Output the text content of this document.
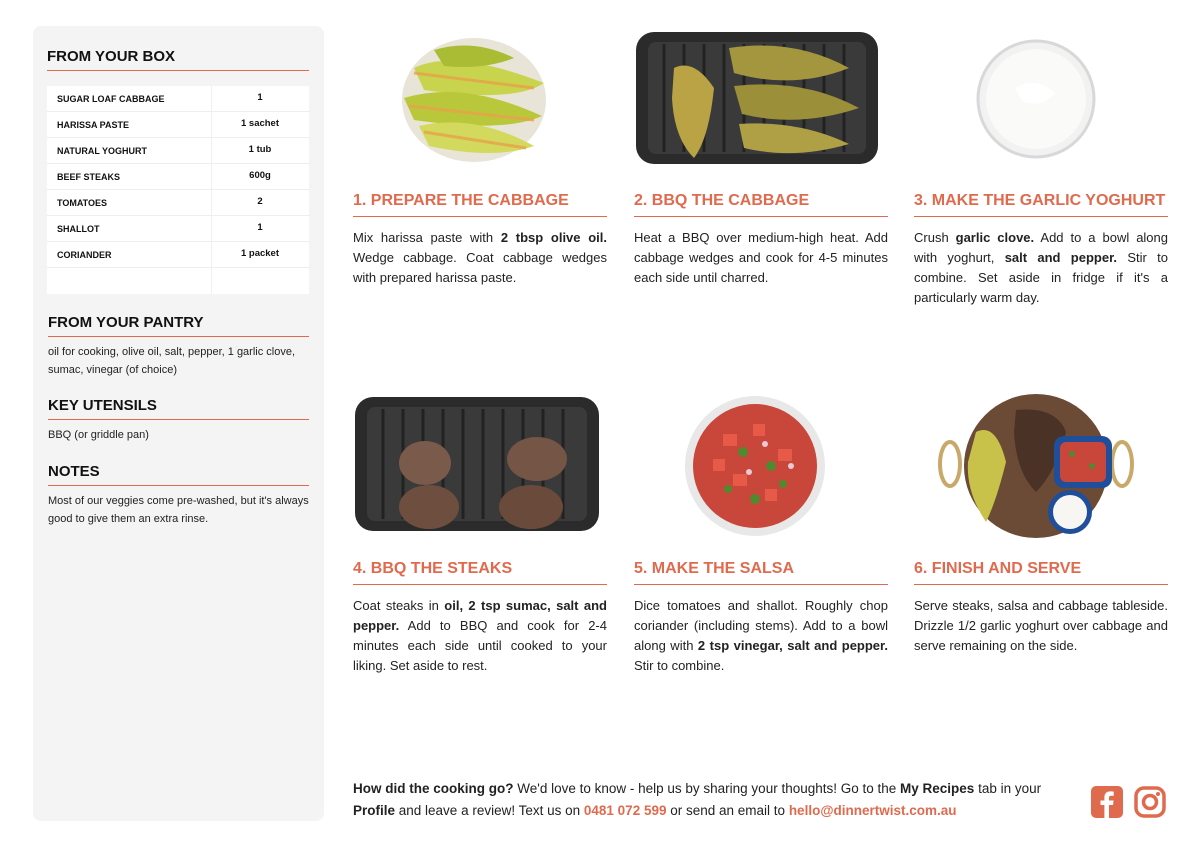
FROM YOUR BOX
SUGAR LOAF CABBAGE	1
HARISSA PASTE	1 sachet
NATURAL YOGHURT	1 tub
BEEF STEAKS	600g
TOMATOES	2
SHALLOT	1
CORIANDER	1 packet
FROM YOUR PANTRY
oil for cooking, olive oil, salt, pepper, 1 garlic clove, sumac, vinegar (of choice)
KEY UTENSILS
BBQ (or griddle pan)
NOTES
Most of our veggies come pre-washed, but it's always good to give them an extra rinse.
1. PREPARE THE CABBAGE
Mix harissa paste with 2 tbsp olive oil. Wedge cabbage. Coat cabbage wedges with prepared harissa paste.
2. BBQ THE CABBAGE
Heat a BBQ over medium-high heat. Add cabbage wedges and cook for 4-5 minutes each side until charred.
3. MAKE THE GARLIC YOGHURT
Crush garlic clove. Add to a bowl along with yoghurt, salt and pepper. Stir to combine. Set aside in fridge if it's a particularly warm day.
4. BBQ THE STEAKS
Coat steaks in oil, 2 tsp sumac, salt and pepper. Add to BBQ and cook for 2-4 minutes each side until cooked to your liking. Set aside to rest.
5. MAKE THE SALSA
Dice tomatoes and shallot. Roughly chop coriander (including stems). Add to a bowl along with 2 tsp vinegar, salt and pepper. Stir to combine.
6. FINISH AND SERVE
Serve steaks, salsa and cabbage tableside. Drizzle 1/2 garlic yoghurt over cabbage and serve remaining on the side.
How did the cooking go? We'd love to know - help us by sharing your thoughts! Go to the My Recipes tab in your Profile and leave a review! Text us on 0481 072 599 or send an email to hello@dinnertwist.com.au
